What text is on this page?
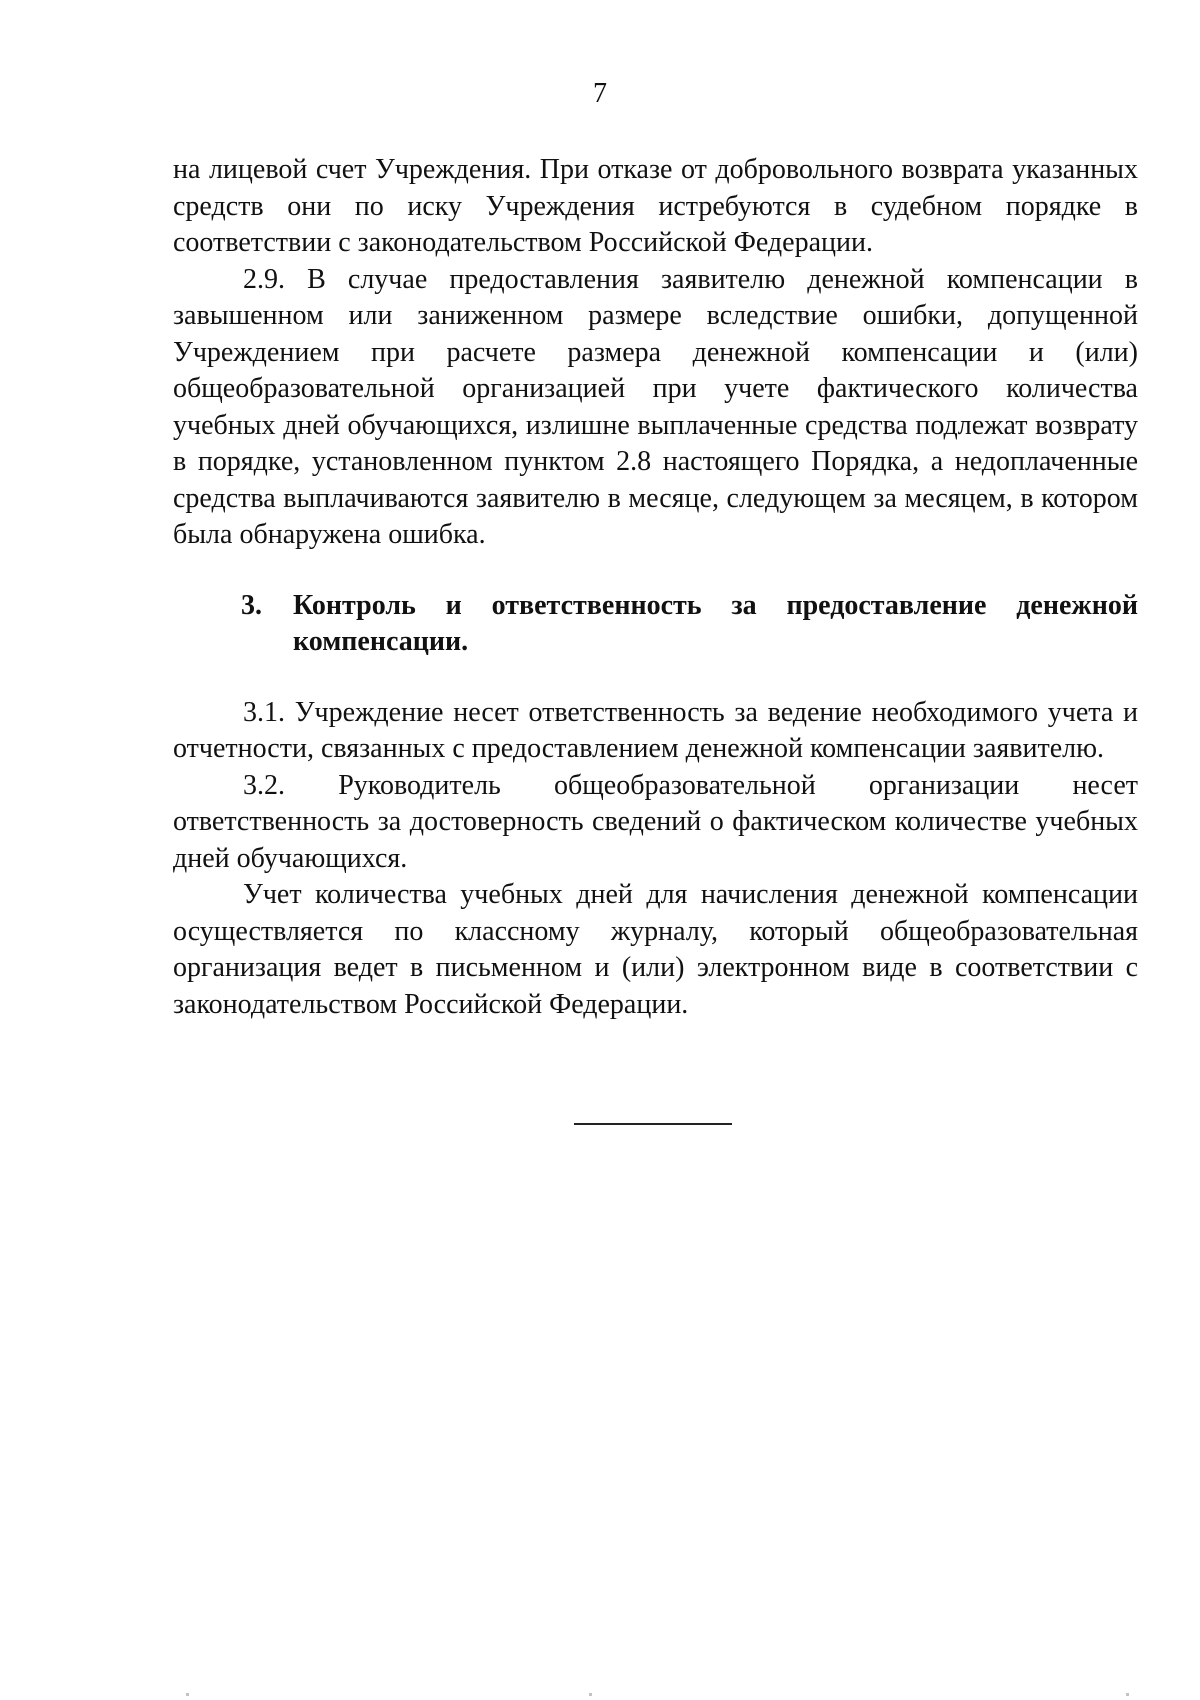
7

на лицевой счет Учреждения. При отказе от добровольного возврата указанных средств они по иску Учреждения истребуются в судебном порядке в соответствии с законодательством Российской Федерации.

2.9. В случае предоставления заявителю денежной компенсации в завышенном или заниженном размере вследствие ошибки, допущенной Учреждением при расчете размера денежной компенсации и (или) общеобразовательной организацией при учете фактического количества учебных дней обучающихся, излишне выплаченные средства подлежат возврату в порядке, установленном пунктом 2.8 настоящего Порядка, а недоплаченные средства выплачиваются заявителю в месяце, следующем за месяцем, в котором была обнаружена ошибка.

3. Контроль и ответственность за предоставление денежной компенсации.

3.1. Учреждение несет ответственность за ведение необходимого учета и отчетности, связанных с предоставлением денежной компенсации заявителю.

3.2. Руководитель общеобразовательной организации несет ответственность за достоверность сведений о фактическом количестве учебных дней обучающихся.

Учет количества учебных дней для начисления денежной компенсации осуществляется по классному журналу, который общеобразовательная организация ведет в письменном и (или) электронном виде в соответствии с законодательством Российской Федерации.
